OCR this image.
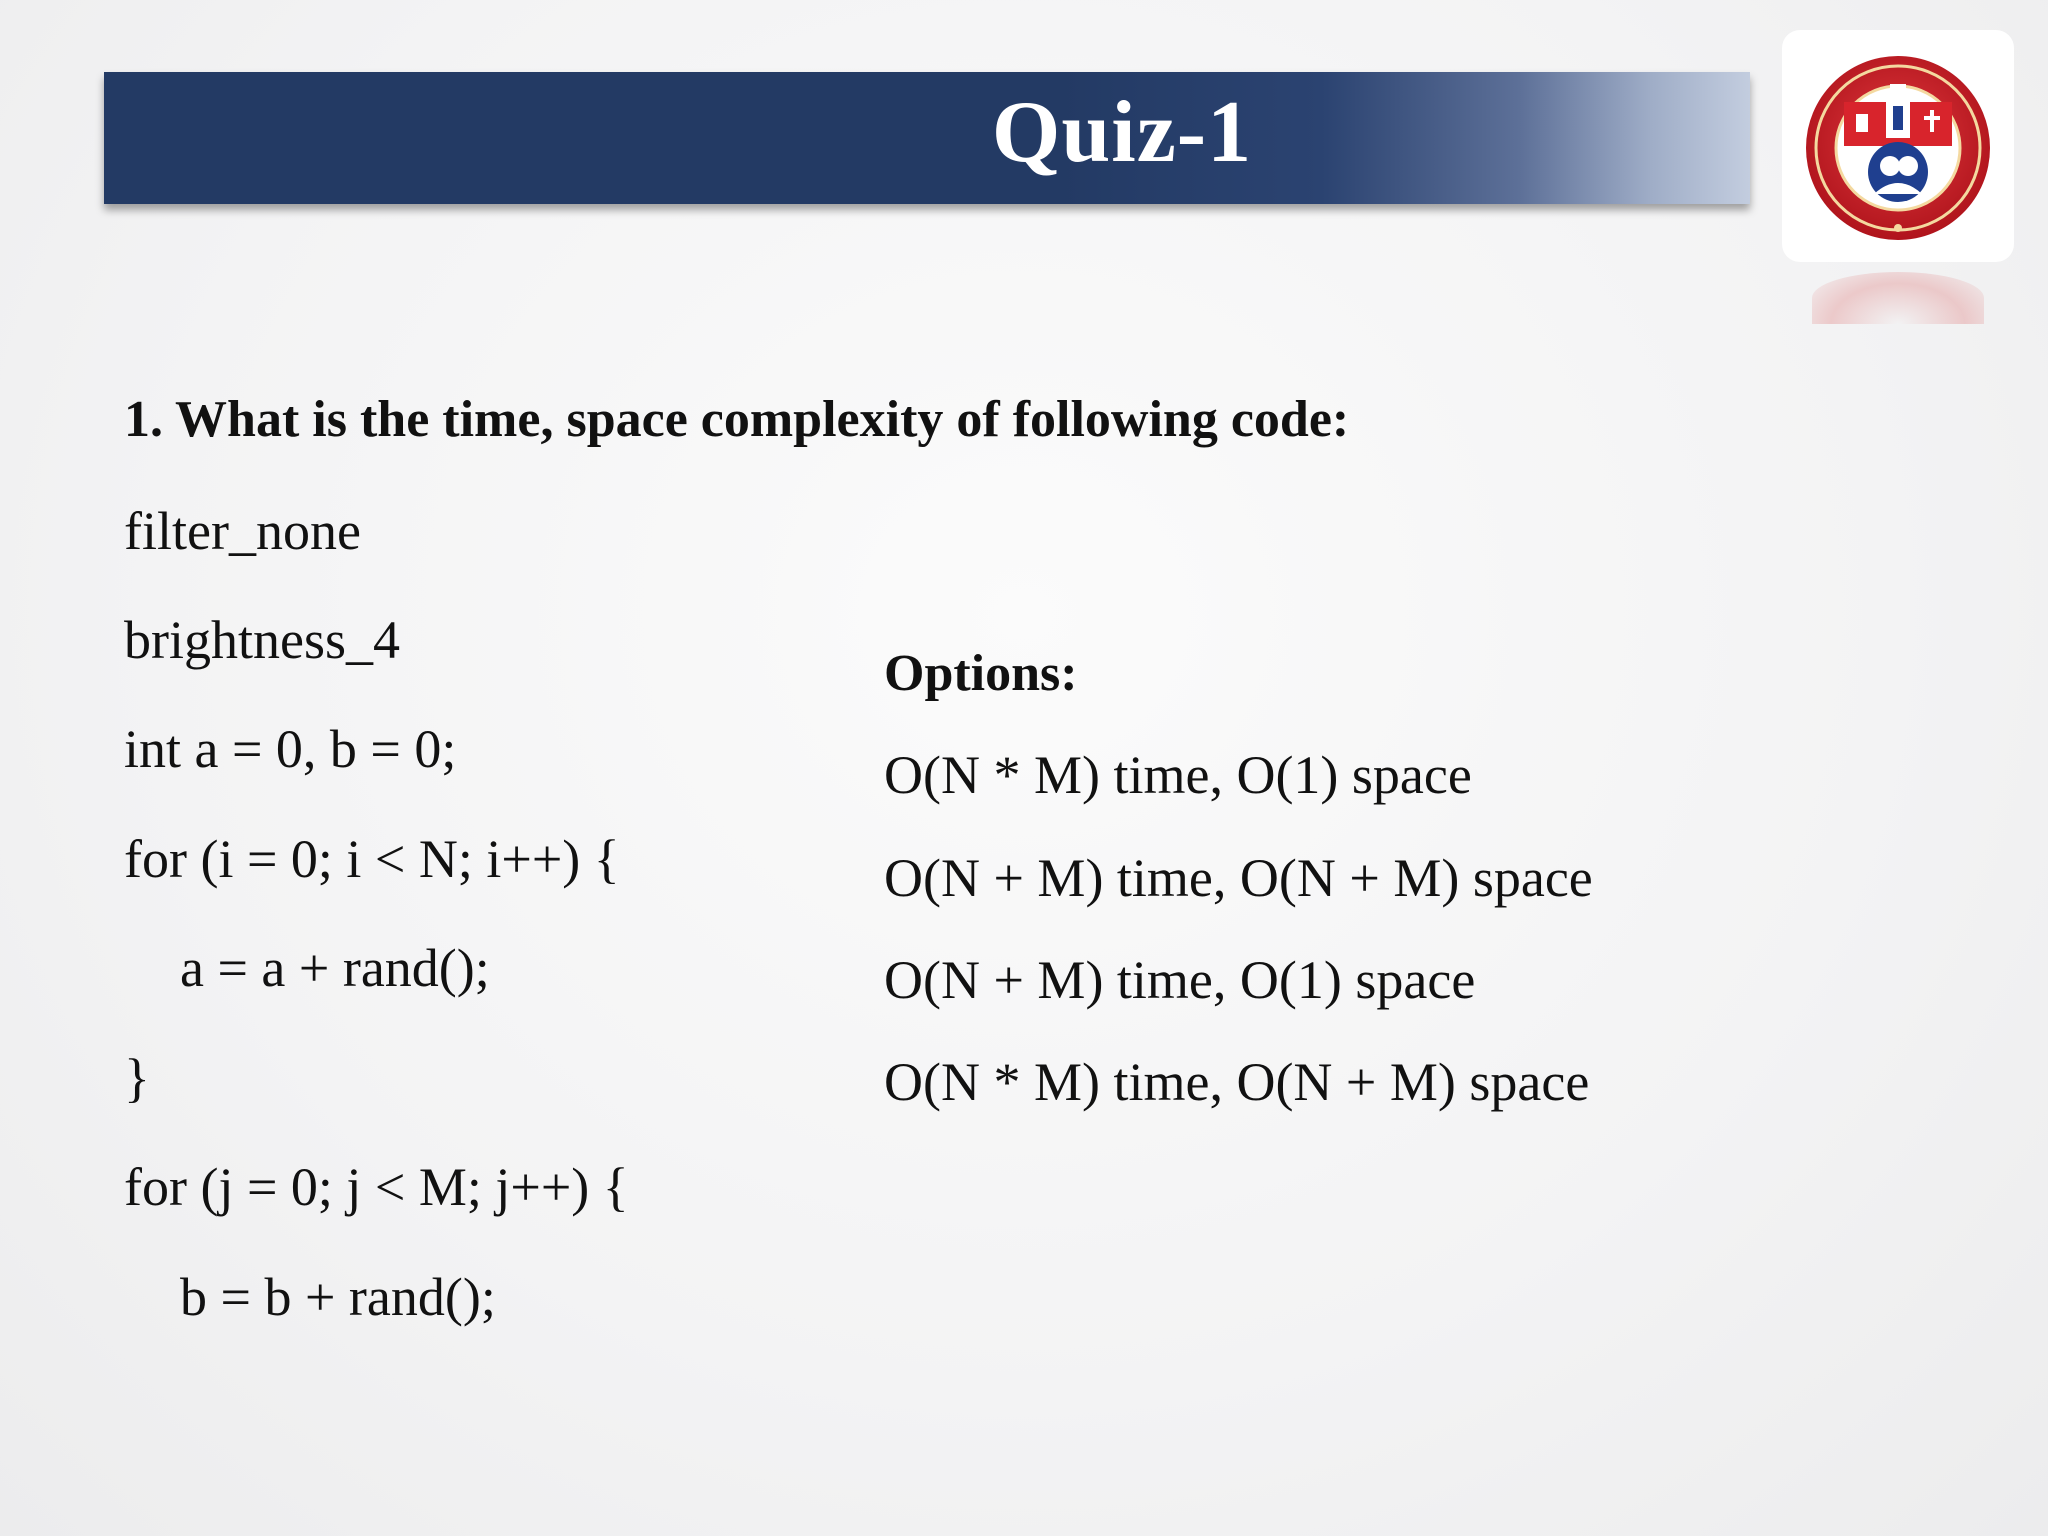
Quiz-1

1. What is the time, space complexity of following code:

filter_none

brightness_4

int a = 0, b = 0;

for (i = 0; i < N; i++) {

a = a + rand();

}

for (j = 0; j < M; j++) {

b = b + rand();

Options:

O(N * M) time, O(1) space

O(N + M) time, O(N + M) space

O(N + M) time, O(1) space

O(N * M) time, O(N + M) space
